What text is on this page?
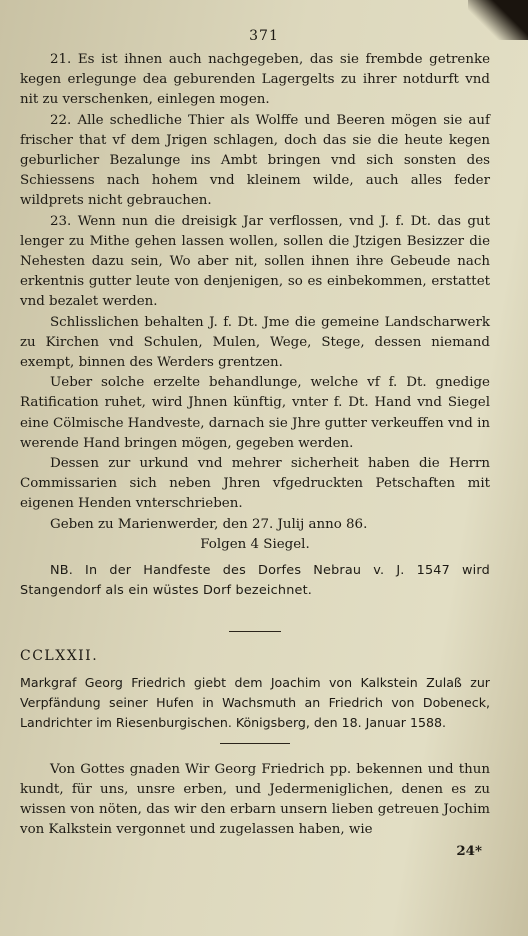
371

21. Es ist ihnen auch nachgegeben, das sie frembde getrenke kegen erlegunge dea geburenden Lagergelts zu ihrer notdurft vnd nit zu verschenken, einlegen mogen.

22. Alle schedliche Thier als Wolffe und Beeren mögen sie auf frischer that vf dem Jrigen schlagen, doch das sie die heute kegen geburlicher Bezalunge ins Ambt bringen vnd sich sonsten des Schiessens nach hohem vnd kleinem wilde, auch alles feder wildprets nicht gebrauchen.

23. Wenn nun die dreisigk Jar verflossen, vnd J. f. Dt. das gut lenger zu Mithe gehen lassen wollen, sollen die Jtzigen Besizzer die Nehesten dazu sein, Wo aber nit, sollen ihnen ihre Gebeude nach erkentnis gutter leute von denjenigen, so es einbekommen, erstattet vnd bezalet werden.

Schlisslichen behalten J. f. Dt. Jme die gemeine Landscharwerk zu Kirchen vnd Schulen, Mulen, Wege, Stege, dessen niemand exempt, binnen des Werders grentzen.

Ueber solche erzelte behandlunge, welche vf f. Dt. gnedige Ratification ruhet, wird Jhnen künftig, vnter f. Dt. Hand vnd Siegel eine Cölmische Handveste, darnach sie Jhre gutter verkeuffen vnd in werende Hand bringen mögen, gegeben werden.

Dessen zur urkund vnd mehrer sicherheit haben die Herrn Commissarien sich neben Jhren vfgedruckten Petschaften mit eigenen Henden vnterschrieben.

Geben zu Marienwerder, den 27. Julij anno 86.

Folgen 4 Siegel.

NB. In der Handfeste des Dorfes Nebrau v. J. 1547 wird Stangendorf als ein wüstes Dorf bezeichnet.

CCLXXII.

Markgraf Georg Friedrich giebt dem Joachim von Kalkstein Zulaß zur Verpfändung seiner Hufen in Wachsmuth an Friedrich von Dobeneck, Landrichter im Riesenburgischen. Königsberg, den 18. Januar 1588.

Von Gottes gnaden Wir Georg Friedrich pp. bekennen und thun kundt, für uns, unsre erben, und Jedermeniglichen, denen es zu wissen von nöten, das wir den erbarn unsern lieben getreuen Jochim von Kalkstein vergonnet und zugelassen haben, wie

24*
